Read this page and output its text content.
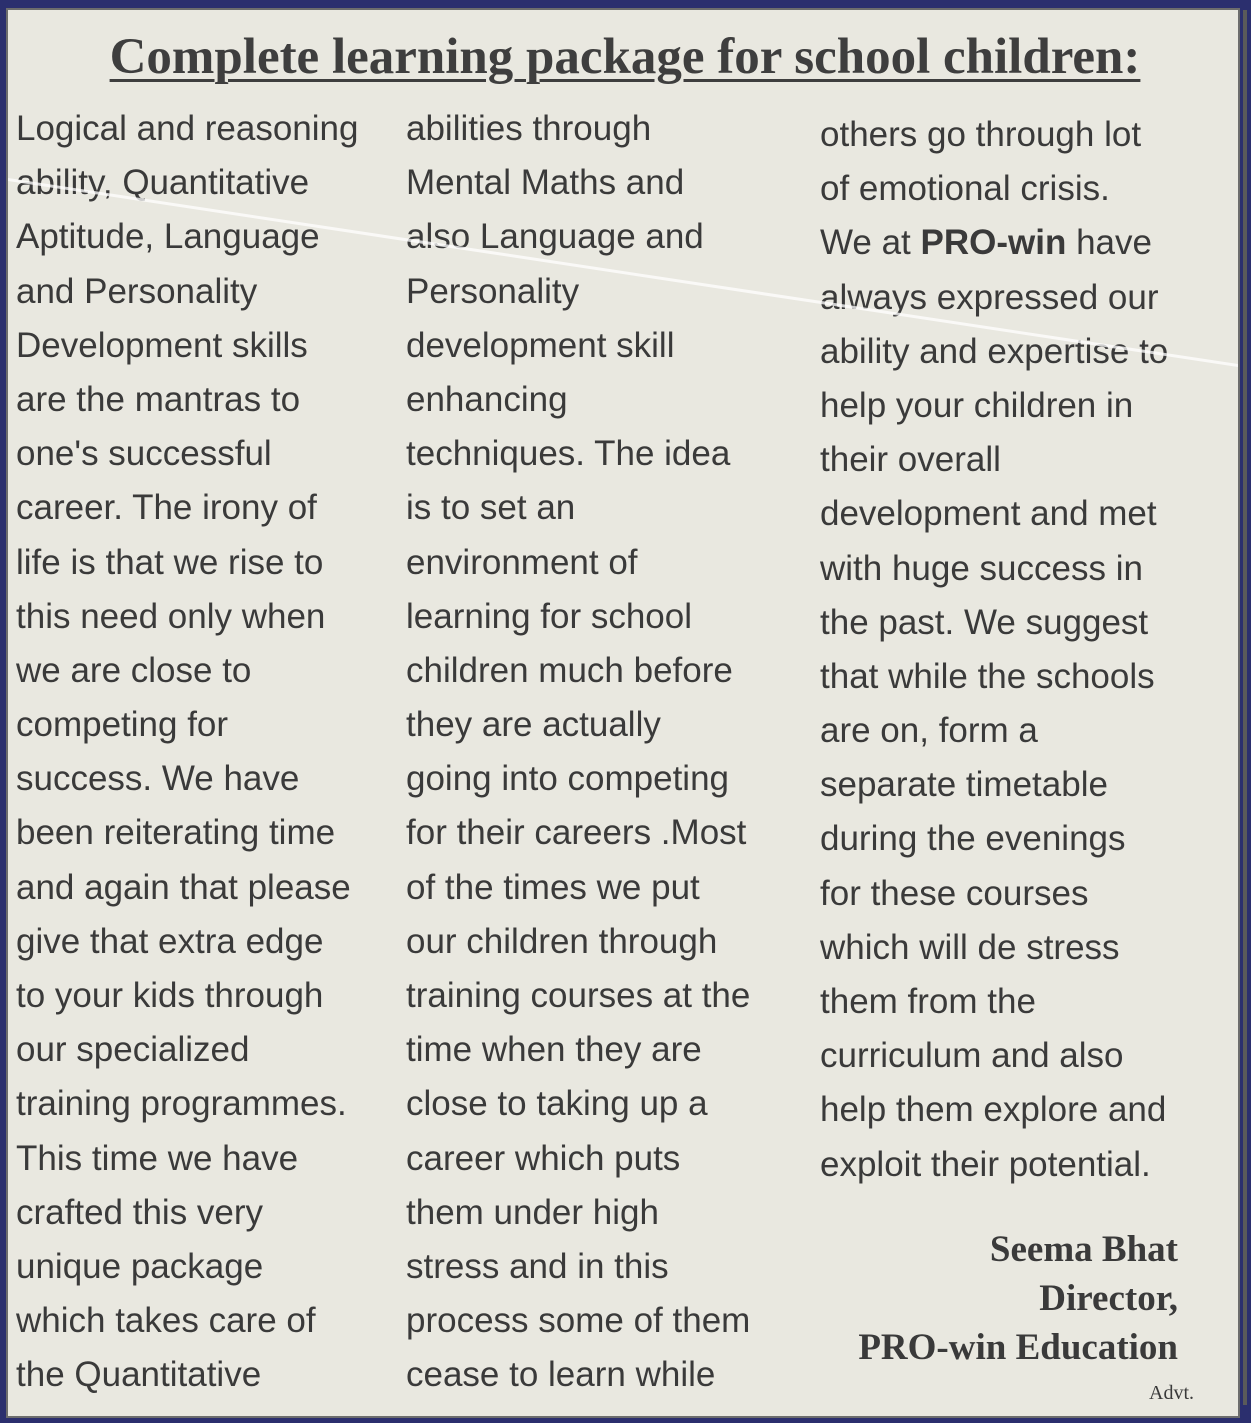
Complete learning package for school children:
Logical and reasoning
ability, Quantitative
Aptitude, Language
and Personality
Development skills
are the mantras to
one's successful
career. The irony of
life is that we rise to
this need only when
we are close to
competing for
success. We have
been reiterating time
and again that please
give that extra edge
to your kids through
our specialized
training programmes.
This time we have
crafted this very
unique package
which takes care of
the Quantitative
abilities through
Mental Maths and
also Language and
Personality
development skill
enhancing
techniques. The idea
is to set an
environment of
learning for school
children much before
they are actually
going into competing
for their careers .Most
of the times we put
our children through
training courses at the
time when they are
close to taking up a
career which puts
them under high
stress and in this
process some of them
cease to learn while
others go through lot
of emotional crisis.
We at PRO-win have
always expressed our
ability and expertise to
help your children in
their overall
development and met
with huge success in
the past. We suggest
that while the schools
are on, form a
separate timetable
during the evenings
for these courses
which will de stress
them from the
curriculum and also
help them explore and
exploit their potential.
Seema Bhat
Director,
PRO-win Education
Advt.
